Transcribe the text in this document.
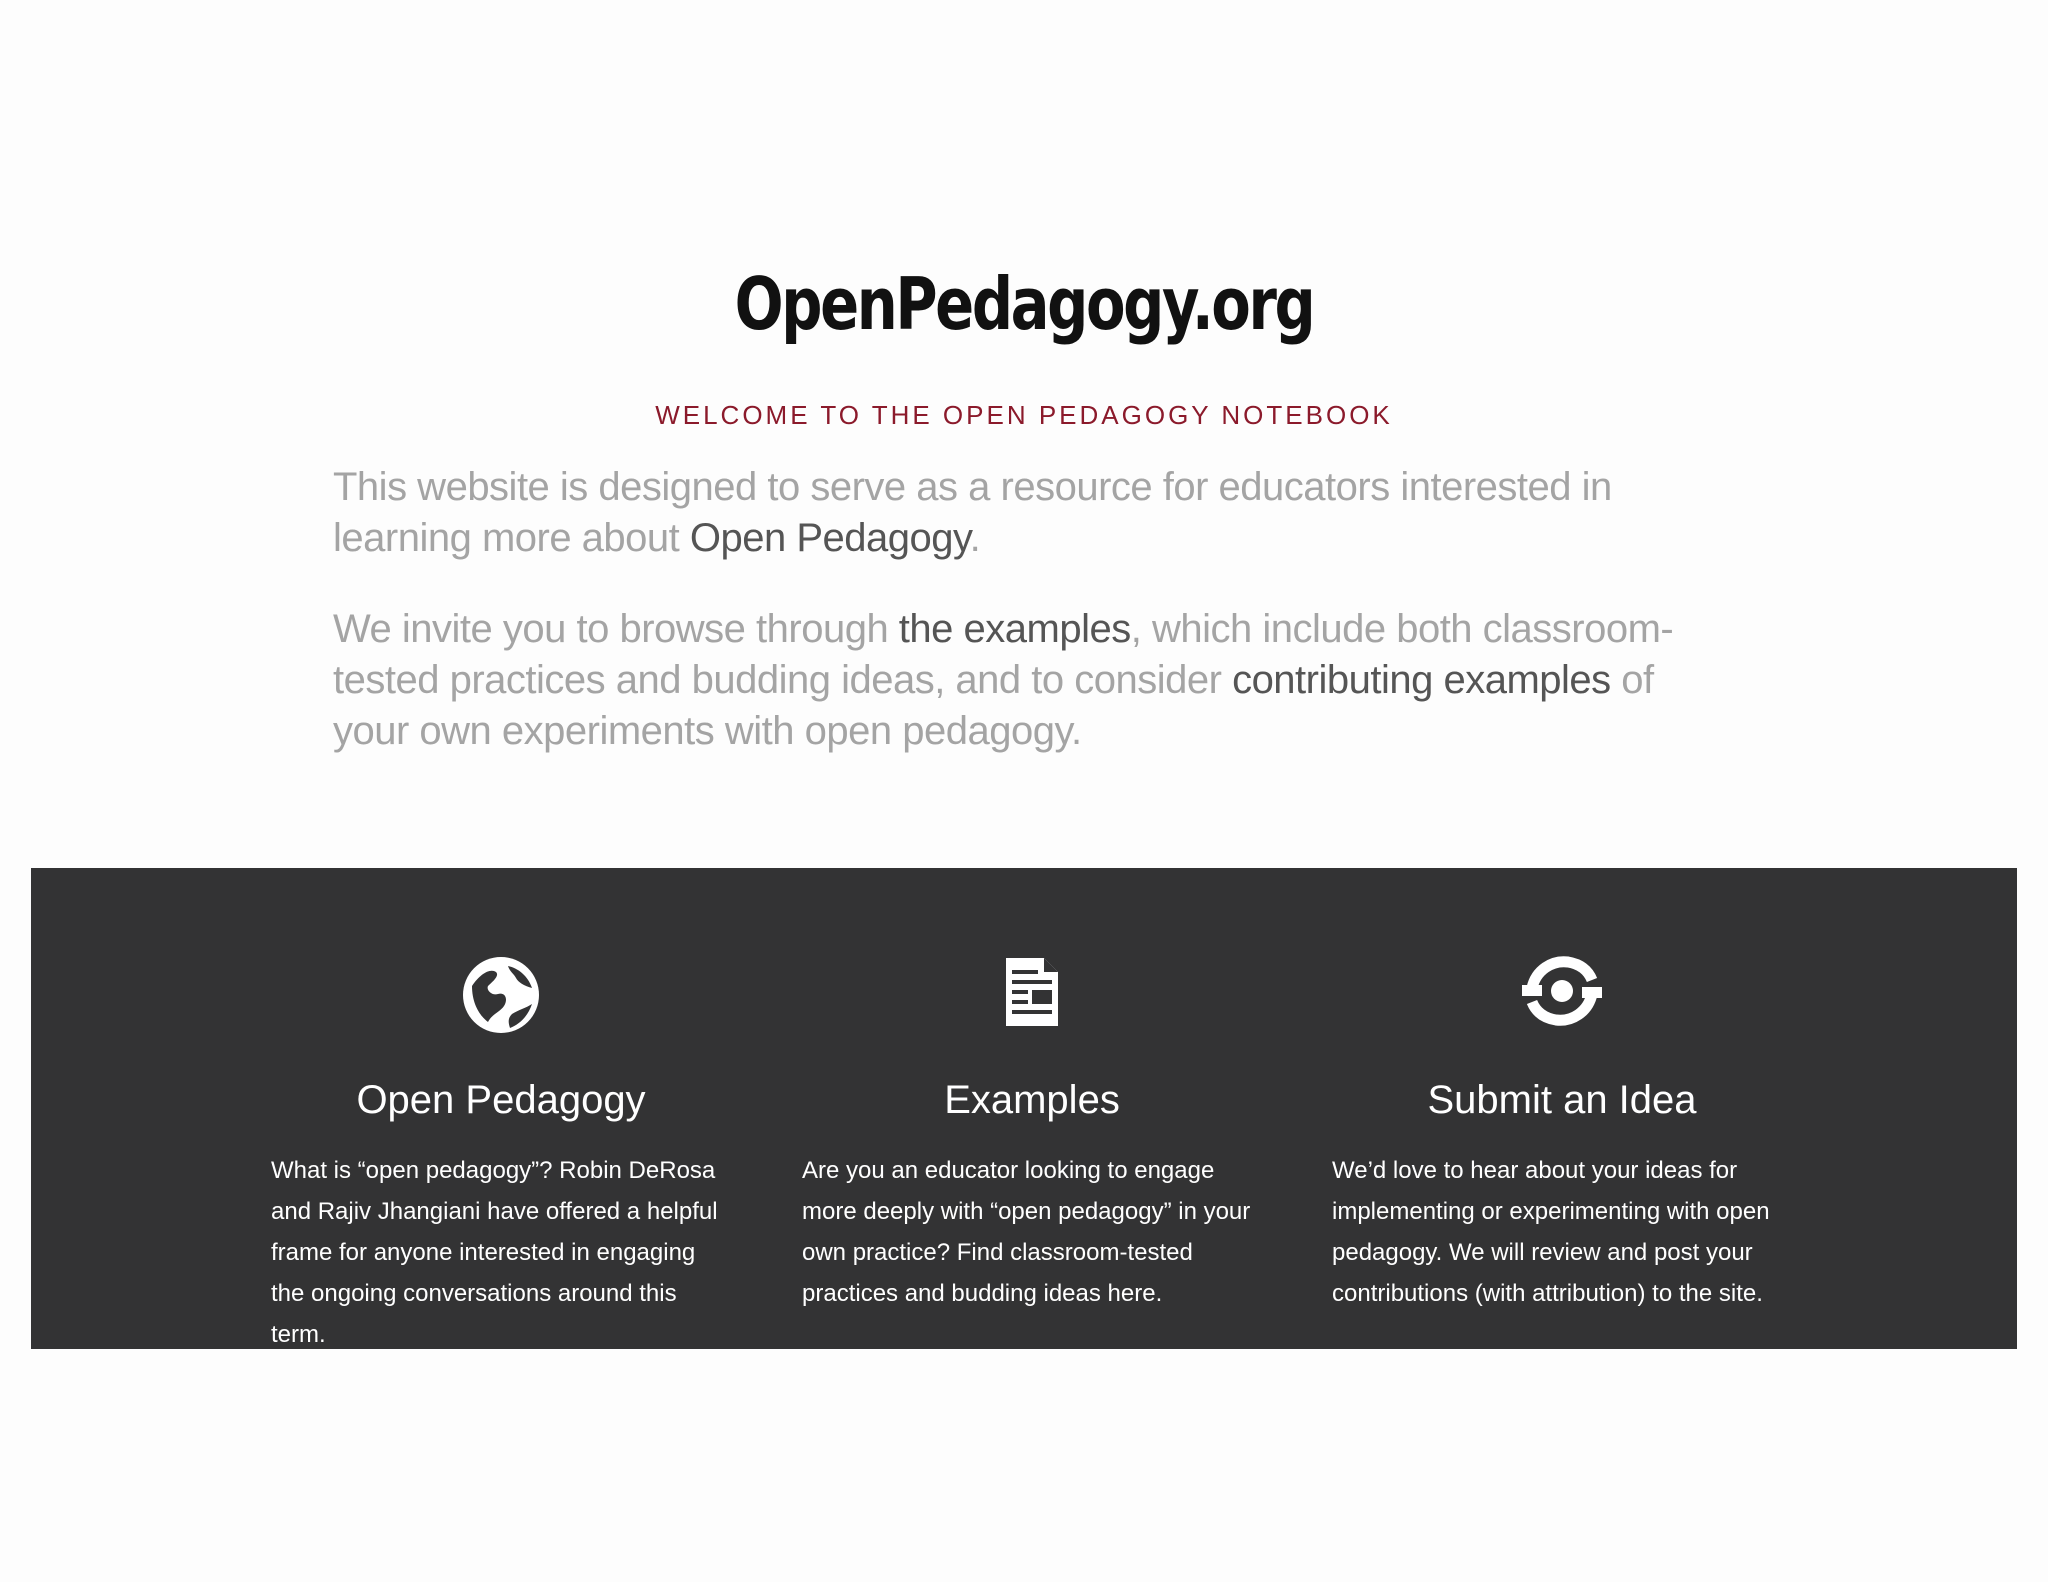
OpenPedagogy.org
WELCOME TO THE OPEN PEDAGOGY NOTEBOOK

This website is designed to serve as a resource for educators interested in learning more about Open Pedagogy.

We invite you to browse through the examples, which include both classroom-tested practices and budding ideas, and to consider contributing examples of your own experiments with open pedagogy.

Open Pedagogy

What is “open pedagogy”? Robin DeRosa and Rajiv Jhangiani have offered a helpful frame for anyone interested in engaging the ongoing conversations around this term.

Examples

Are you an educator looking to engage more deeply with “open pedagogy” in your own practice? Find classroom-tested practices and budding ideas here.

Submit an Idea

We’d love to hear about your ideas for implementing or experimenting with open pedagogy. We will review and post your contributions (with attribution) to the site.
